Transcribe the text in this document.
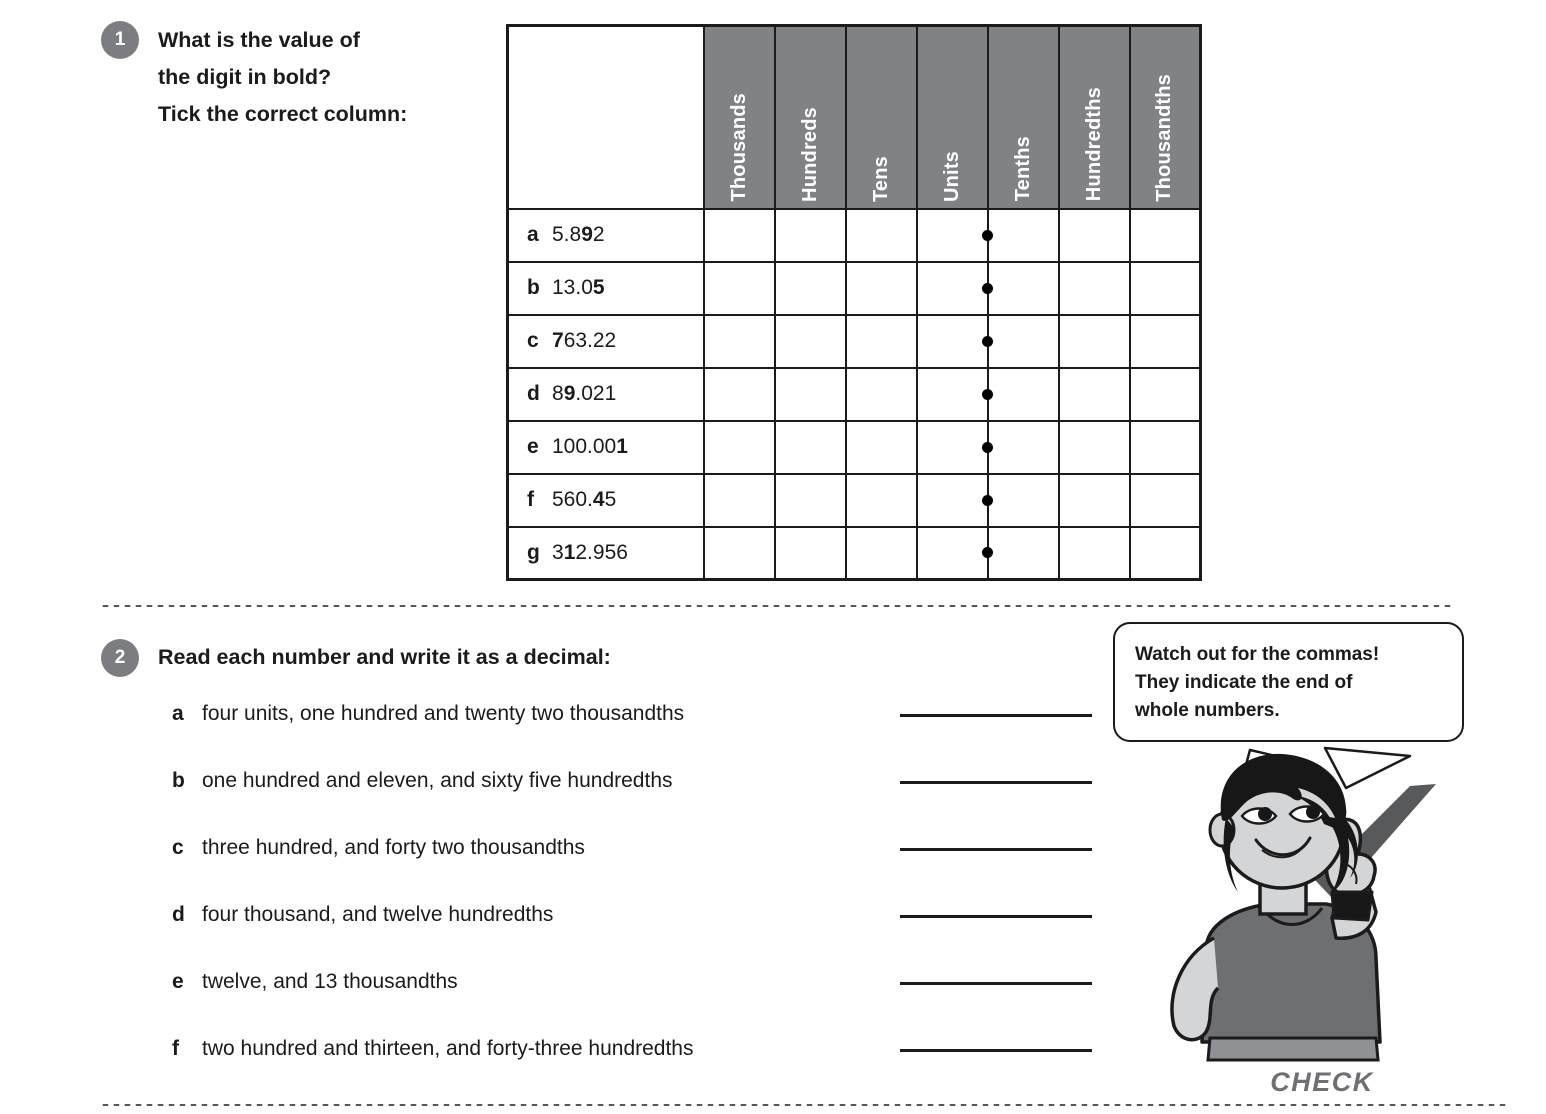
1	What is the value of
the digit in bold?
Tick the correct column:

	Thousands	Hundreds	Tens	Units	Tenths	Hundredths	Thousandths

a 5.892				

b 13.05				

c 763.22				

d 89.021				

e 100.001				

f 560.45				

g 312.956				

2	Read each number and write it as a decimal:
a four units, one hundred and twenty two thousandths
b one hundred and eleven, and sixty five hundredths
c three hundred, and forty two thousandths
d four thousand, and twelve hundredths
e twelve, and 13 thousandths
f	two hundred and thirteen, and forty-three hundredths

Watch out for the commas!

They indicate the end of

whole numbers.

CHECK
